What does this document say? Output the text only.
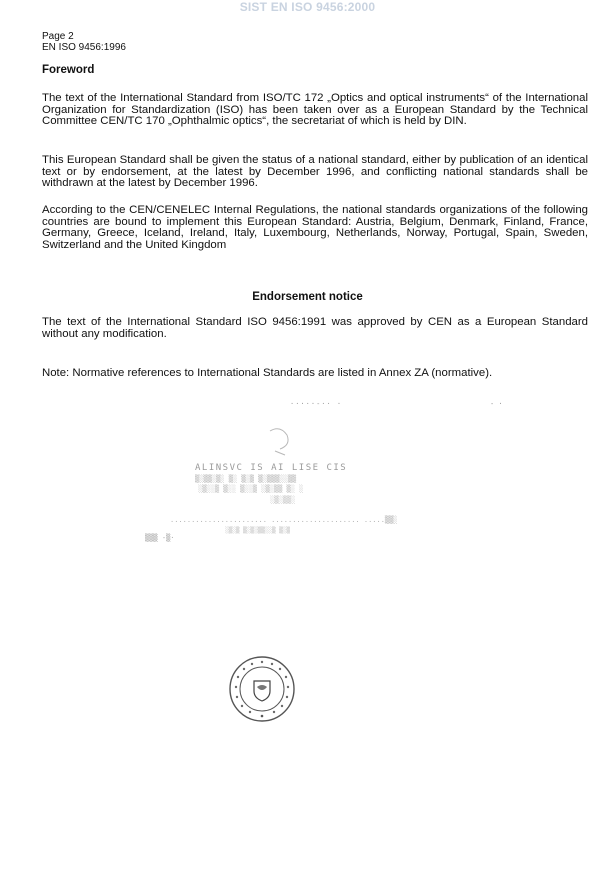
SIST EN ISO 9456:2000
Page 2
EN ISO 9456:1996
Foreword
The text of the International Standard from ISO/TC 172 „Optics and optical instruments“ of the International Organization for Standardization (ISO) has been taken over as a European Standard by the Technical Committee CEN/TC 170 „Ophthalmic optics“, the secretariat of which is held by DIN.
This European Standard shall be given the status of a national standard, either by publication of an identical text or by endorsement, at the latest by December 1996, and conflicting national standards shall be withdrawn at the latest by December 1996.
According to the CEN/CENELEC Internal Regulations, the national standards organizations of the following countries are bound to implement this European Standard: Austria, Belgium, Denmark, Finland, France, Germany, Greece, Iceland, Ireland, Italy, Luxembourg, Netherlands, Norway, Portugal, Spain, Sweden, Switzerland and the United Kingdom
Endorsement notice
The text of the International Standard ISO 9456:1991 was approved by CEN as a European Standard without any modification.
Note: Normative references to International Standards are listed in Annex ZA (normative).
·····-·· ·	- ·
ALINSVC IS AI LISE CIS
▒░▒▒░▒░ ▒░ ▒░▒ ▒░▒▒▒░░▒▒
░▒░░▒ ▒░░ ▒░░▒ ░▒░▒▒ ▒░ ░
░▒░▒▒░
....................... ..................... .....▒▒░
░▒░▒ ▒░▒░▒▒░░▒ ▒░▒
▒▒▒ -▒·
